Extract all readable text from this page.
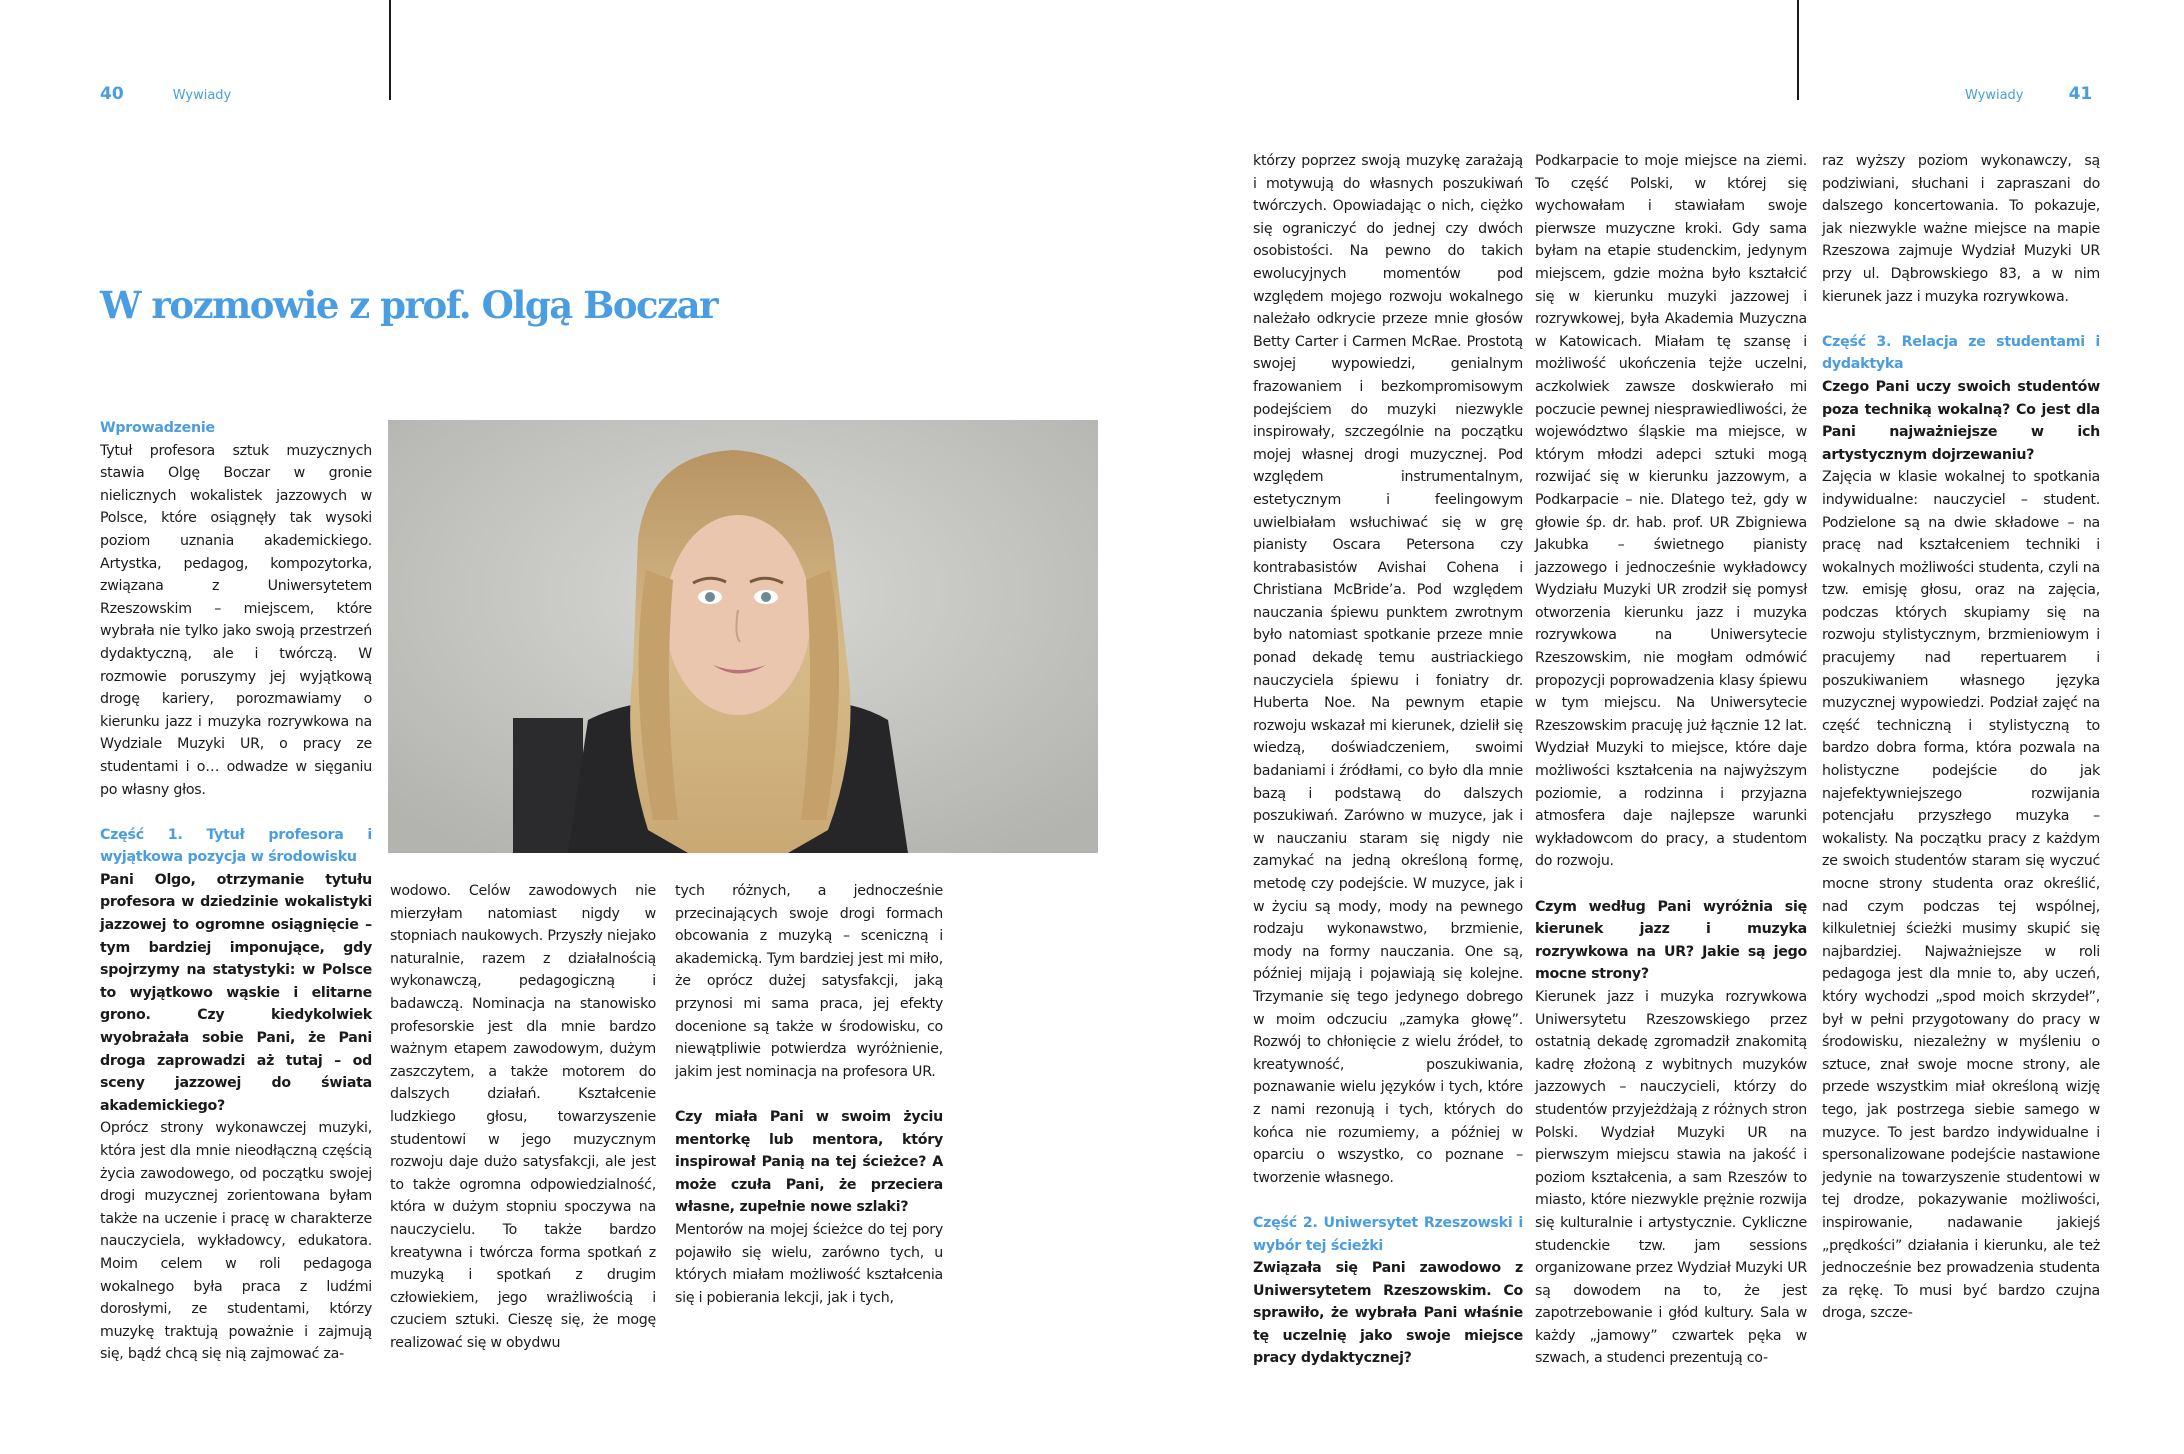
40	Wywiady
W rozmowie z prof. Olgą Boczar

Wprowadzenie

Tytuł profesora sztuk muzycznych stawia Olgę Boczar w gronie nielicznych wokalistek jazzowych w Polsce, które osiągnęły tak wysoki poziom uznania akademickiego. Artystka, pedagog, kompozytorka, związana z Uniwersytetem Rzeszowskim – miejscem, które wybrała nie tylko jako swoją przestrzeń dydaktyczną, ale i twórczą. W rozmowie poruszymy jej wyjątkową drogę kariery, porozmawiamy o kierunku jazz i muzyka rozrywkowa na Wydziale Muzyki UR, o pracy ze studentami i o… odwadze w sięganiu po własny głos.

Część 1. Tytuł profesora i wyjątkowa pozycja w środowisku

Pani Olgo, otrzymanie tytułu profesora w dziedzinie wokalistyki jazzowej to ogromne osiągnięcie – tym bardziej imponujące, gdy spojrzymy na statystyki: w Polsce to wyjątkowo wąskie i elitarne grono. Czy kiedykolwiek wyobrażała sobie Pani, że Pani droga zaprowadzi aż tutaj – od sceny jazzowej do świata akademickiego?

Oprócz strony wykonawczej muzyki, która jest dla mnie nieodłączną częścią życia zawodowego, od początku swojej drogi muzycznej zorientowana byłam także na uczenie i pracę w charakterze nauczyciela, wykładowcy, edukatora. Moim celem w roli pedagoga wokalnego była praca z ludźmi dorosłymi, ze studentami, którzy muzykę traktują poważnie i zajmują się, bądź chcą się nią zajmować za-

wodowo. Celów zawodowych nie mierzyłam natomiast nigdy w stopniach naukowych. Przyszły niejako naturalnie, razem z działalnością wykonawczą, pedagogiczną i badawczą. Nominacja na stanowisko profesorskie jest dla mnie bardzo ważnym etapem zawodowym, dużym zaszczytem, a także motorem do dalszych działań. Kształcenie ludzkiego głosu, towarzyszenie studentowi w jego muzycznym rozwoju daje dużo satysfakcji, ale jest to także ogromna odpowiedzialność, która w dużym stopniu spoczywa na nauczycielu. To także bardzo kreatywna i twórcza forma spotkań z muzyką i spotkań z drugim człowiekiem, jego wrażliwością i czuciem sztuki. Cieszę się, że mogę realizować się w obydwu

tych różnych, a jednocześnie przecinających swoje drogi formach obcowania z muzyką – sceniczną i akademicką. Tym bardziej jest mi miło, że oprócz dużej satysfakcji, jaką przynosi mi sama praca, jej efekty docenione są także w środowisku, co niewątpliwie potwierdza wyróżnienie, jakim jest nominacja na profesora UR.

Czy miała Pani w swoim życiu mentorkę lub mentora, który inspirował Panią na tej ścieżce? A może czuła Pani, że przeciera własne, zupełnie nowe szlaki?

Mentorów na mojej ścieżce do tej pory pojawiło się wielu, zarówno tych, u których miałam możliwość kształcenia się i pobierania lekcji, jak i tych,

Wywiady	41

którzy poprzez swoją muzykę zarażają i motywują do własnych poszukiwań twórczych. Opowiadając o nich, ciężko się ograniczyć do jednej czy dwóch osobistości. Na pewno do takich ewolucyjnych momentów pod względem mojego rozwoju wokalnego należało odkrycie przeze mnie głosów Betty Carter i Carmen McRae. Prostotą swojej wypowiedzi, genialnym frazowaniem i bezkompromisowym podejściem do muzyki niezwykle inspirowały, szczególnie na początku mojej własnej drogi muzycznej. Pod względem instrumentalnym, estetycznym i feelingowym uwielbiałam wsłuchiwać się w grę pianisty Oscara Petersona czy kontrabasistów Avishai Cohena i Christiana McBride’a. Pod względem nauczania śpiewu punktem zwrotnym było natomiast spotkanie przeze mnie ponad dekadę temu austriackiego nauczyciela śpiewu i foniatry dr. Huberta Noe. Na pewnym etapie rozwoju wskazał mi kierunek, dzielił się wiedzą, doświadczeniem, swoimi badaniami i źródłami, co było dla mnie bazą i podstawą do dalszych poszukiwań. Zarówno w muzyce, jak i w nauczaniu staram się nigdy nie zamykać na jedną określoną formę, metodę czy podejście. W muzyce, jak i w życiu są mody, mody na pewnego rodzaju wykonawstwo, brzmienie, mody na formy nauczania. One są, później mijają i pojawiają się kolejne. Trzymanie się tego jedynego dobrego w moim odczuciu „zamyka głowę”. Rozwój to chłonięcie z wielu źródeł, to kreatywność, poszukiwania, poznawanie wielu języków i tych, które z nami rezonują i tych, których do końca nie rozumiemy, a później w oparciu o wszystko, co poznane – tworzenie własnego.

Część 2. Uniwersytet Rzeszowski i wybór tej ścieżki

Związała się Pani zawodowo z Uniwersytetem Rzeszowskim. Co sprawiło, że wybrała Pani właśnie tę uczelnię jako swoje miejsce pracy dydaktycznej?

Podkarpacie to moje miejsce na ziemi. To część Polski, w której się wychowałam i stawiałam swoje pierwsze muzyczne kroki. Gdy sama byłam na etapie studenckim, jedynym miejscem, gdzie można było kształcić się w kierunku muzyki jazzowej i rozrywkowej, była Akademia Muzyczna w Katowicach. Miałam tę szansę i możliwość ukończenia tejże uczelni, aczkolwiek zawsze doskwierało mi poczucie pewnej niesprawiedliwości, że województwo śląskie ma miejsce, w którym młodzi adepci sztuki mogą rozwijać się w kierunku jazzowym, a Podkarpacie – nie. Dlatego też, gdy w głowie śp. dr. hab. prof. UR Zbigniewa Jakubka – świetnego pianisty jazzowego i jednocześnie wykładowcy Wydziału Muzyki UR zrodził się pomysł otworzenia kierunku jazz i muzyka rozrywkowa na Uniwersytecie Rzeszowskim, nie mogłam odmówić propozycji poprowadzenia klasy śpiewu w tym miejscu. Na Uniwersytecie Rzeszowskim pracuję już łącznie 12 lat. Wydział Muzyki to miejsce, które daje możliwości kształcenia na najwyższym poziomie, a rodzinna i przyjazna atmosfera daje najlepsze warunki wykładowcom do pracy, a studentom do rozwoju.

Czym według Pani wyróżnia się kierunek jazz i muzyka rozrywkowa na UR? Jakie są jego mocne strony?

Kierunek jazz i muzyka rozrywkowa Uniwersytetu Rzeszowskiego przez ostatnią dekadę zgromadził znakomitą kadrę złożoną z wybitnych muzyków jazzowych – nauczycieli, którzy do studentów przyjeżdżają z różnych stron Polski. Wydział Muzyki UR na pierwszym miejscu stawia na jakość i poziom kształcenia, a sam Rzeszów to miasto, które niezwykle prężnie rozwija się kulturalnie i artystycznie. Cykliczne studenckie tzw. jam sessions organizowane przez Wydział Muzyki UR są dowodem na to, że jest zapotrzebowanie i głód kultury. Sala w każdy „jamowy” czwartek pęka w szwach, a studenci prezentują co-

raz wyższy poziom wykonawczy, są podziwiani, słuchani i zapraszani do dalszego koncertowania. To pokazuje, jak niezwykle ważne miejsce na mapie Rzeszowa zajmuje Wydział Muzyki UR przy ul. Dąbrowskiego 83, a w nim kierunek jazz i muzyka rozrywkowa.

Część 3. Relacja ze studentami i dydaktyka

Czego Pani uczy swoich studentów poza techniką wokalną? Co jest dla Pani najważniejsze w ich artystycznym dojrzewaniu?

Zajęcia w klasie wokalnej to spotkania indywidualne: nauczyciel – student. Podzielone są na dwie składowe – na pracę nad kształceniem techniki i wokalnych możliwości studenta, czyli na tzw. emisję głosu, oraz na zajęcia, podczas których skupiamy się na rozwoju stylistycznym, brzmieniowym i pracujemy nad repertuarem i poszukiwaniem własnego języka muzycznej wypowiedzi. Podział zajęć na część techniczną i stylistyczną to bardzo dobra forma, która pozwala na holistyczne podejście do jak najefektywniejszego rozwijania potencjału przyszłego muzyka – wokalisty. Na początku pracy z każdym ze swoich studentów staram się wyczuć mocne strony studenta oraz określić, nad czym podczas tej wspólnej, kilkuletniej ścieżki musimy skupić się najbardziej. Najważniejsze w roli pedagoga jest dla mnie to, aby uczeń, który wychodzi „spod moich skrzydeł”, był w pełni przygotowany do pracy w środowisku, niezależny w myśleniu o sztuce, znał swoje mocne strony, ale przede wszystkim miał określoną wizję tego, jak postrzega siebie samego w muzyce. To jest bardzo indywidualne i spersonalizowane podejście nastawione jedynie na towarzyszenie studentowi w tej drodze, pokazywanie możliwości, inspirowanie, nadawanie jakiejś „prędkości” działania i kierunku, ale też jednocześnie bez prowadzenia studenta za rękę. To musi być bardzo czujna droga, szcze-
